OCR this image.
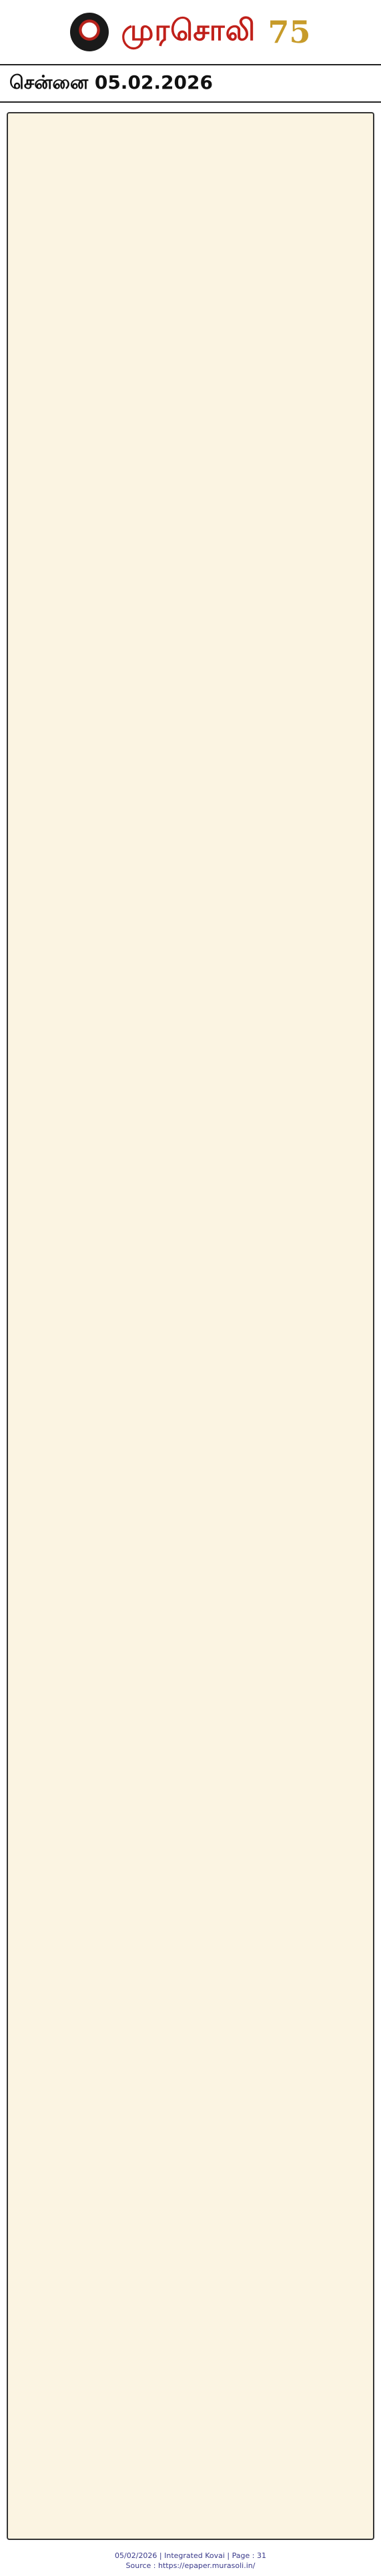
முரசொலி 75
சென்னை 05.02.2026

05/02/2026 | Integrated Kovai | Page : 31
Source : https://epaper.murasoli.in/
